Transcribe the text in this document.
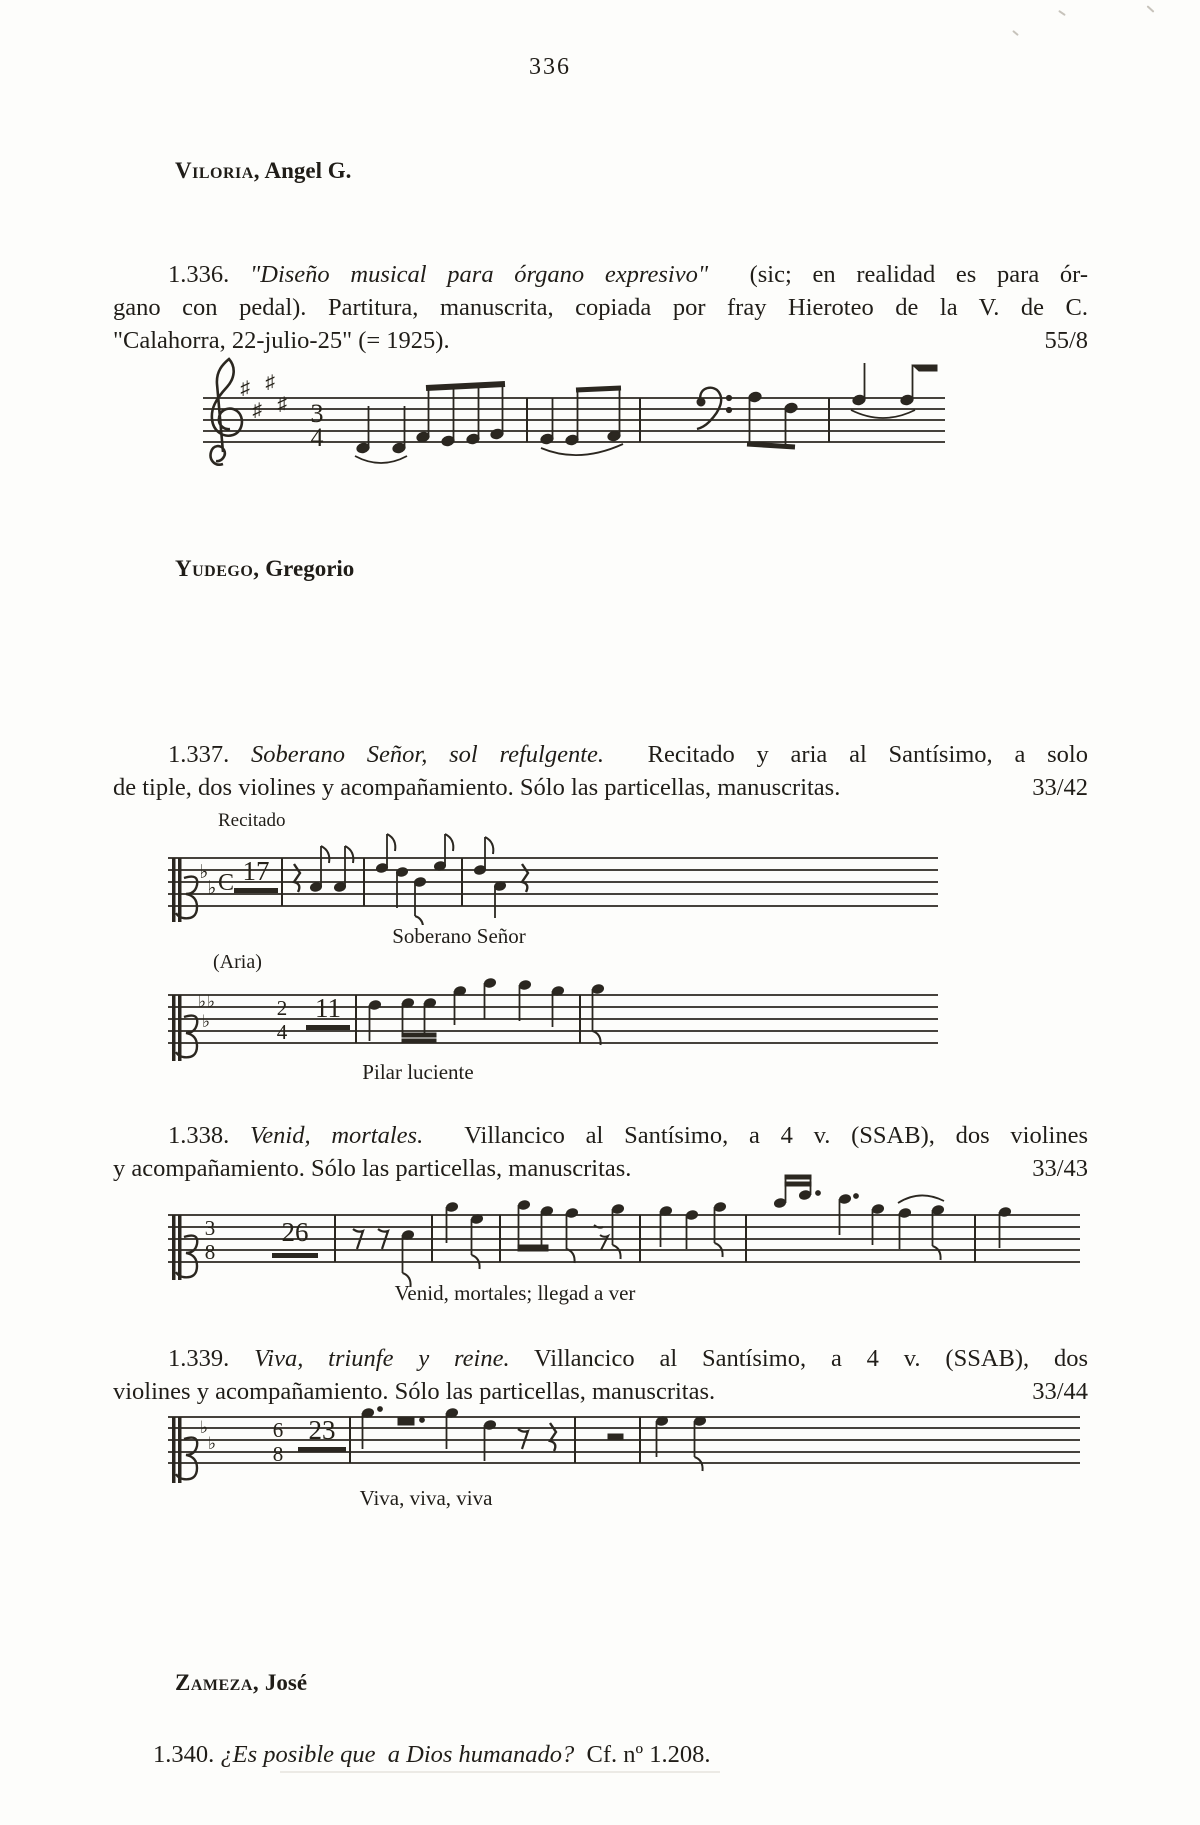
336
Viloria, Angel G.
1.336. "Diseño musical para órgano expresivo"  (sic; en realidad es para ór-
gano con pedal). Partitura, manuscrita, copiada por fray Hieroteo de la V. de C.
"Calahorra, 22-julio-25" (= 1925).	55/8
♯
♯
♯
♯ 3
4
Yudego, Gregorio
1.337. Soberano Señor, sol refulgente.  Recitado y aria al Santísimo, a solo
de tiple, dos violines y acompañamiento. Sólo las particellas, manuscritas.	33/42
Recitado
♭
♭ C 17
Soberano Señor
(Aria)
♭ ♭
♭
2
4
11
Pilar luciente
1.338. Venid, mortales.  Villancico al Santísimo, a 4 v. (SSAB), dos violines
y acompañamiento. Sólo las particellas, manuscritas.	33/43
3
8
26
Venid, mortales; llegad a ver
1.339. Viva, triunfe y reine. Villancico al Santísimo, a 4 v. (SSAB), dos
violines y acompañamiento. Sólo las particellas, manuscritas.	33/44
♭
♭
6
8
23
Viva, viva, viva
Zameza, José
1.340. ¿Es posible que  a Dios humanado?  Cf. nº 1.208.
